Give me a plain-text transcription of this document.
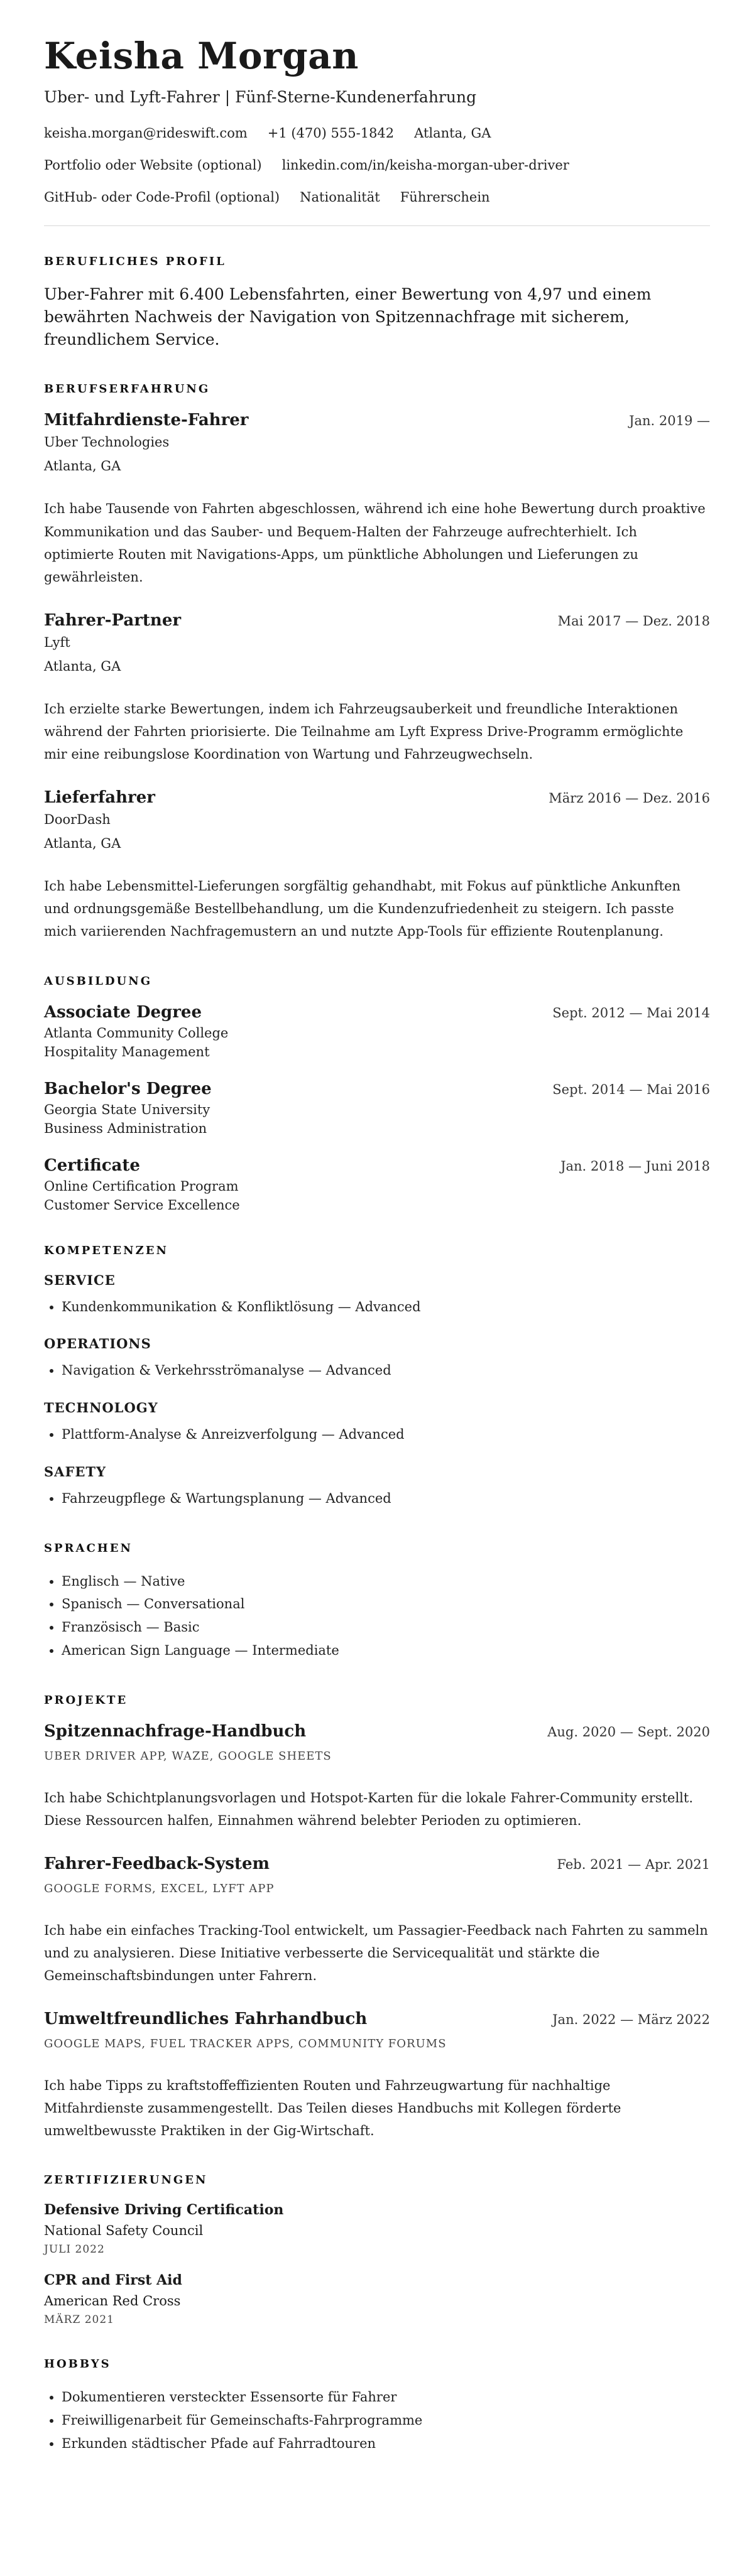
Keisha Morgan
Uber- und Lyft-Fahrer | Fünf-Sterne-Kundenerfahrung
keisha.morgan@rideswift.com +1 (470) 555-1842 Atlanta, GA
Portfolio oder Website (optional) linkedin.com/in/keisha-morgan-uber-driver
GitHub- oder Code-Profil (optional) Nationalität Führerschein
BERUFLICHES PROFIL

Uber-Fahrer mit 6.400 Lebensfahrten, einer Bewertung von 4,97 und einem bewährten Nachweis der Navigation von Spitzennachfrage mit sicherem, freundlichem Service.

BERUFSERFAHRUNG
Mitfahrdienste-Fahrer	Jan. 2019 —

Uber Technologies

Atlanta, GA

Ich habe Tausende von Fahrten abgeschlossen, während ich eine hohe Bewertung durch proaktive Kommunikation und das Sauber- und Bequem-Halten der Fahrzeuge aufrechterhielt. Ich optimierte Routen mit Navigations-Apps, um pünktliche Abholungen und Lieferungen zu gewährleisten.

Fahrer-Partner	Mai 2017 — Dez. 2018

Lyft

Atlanta, GA

Ich erzielte starke Bewertungen, indem ich Fahrzeugsauberkeit und freundliche Interaktionen während der Fahrten priorisierte. Die Teilnahme am Lyft Express Drive-Programm ermöglichte mir eine reibungslose Koordination von Wartung und Fahrzeugwechseln.

Lieferfahrer	März 2016 — Dez. 2016

DoorDash

Atlanta, GA

Ich habe Lebensmittel-Lieferungen sorgfältig gehandhabt, mit Fokus auf pünktliche Ankunften und ordnungsgemäße Bestellbehandlung, um die Kundenzufriedenheit zu steigern. Ich passte mich variierenden Nachfragemustern an und nutzte App-Tools für effiziente Routenplanung.

AUSBILDUNG
Associate Degree	Sept. 2012 — Mai 2014

Atlanta Community College

Hospitality Management

Bachelor's Degree	Sept. 2014 — Mai 2016

Georgia State University

Business Administration

Certificate	Jan. 2018 — Juni 2018

Online Certification Program

Customer Service Excellence

KOMPETENZEN
SERVICE
• Kundenkommunikation & Konfliktlösung — Advanced
OPERATIONS
• Navigation & Verkehrsströmanalyse — Advanced
TECHNOLOGY
• Plattform-Analyse & Anreizverfolgung — Advanced
SAFETY
• Fahrzeugpflege & Wartungsplanung — Advanced
SPRACHEN
• Englisch — Native
• Spanisch — Conversational
• Französisch — Basic
• American Sign Language — Intermediate
PROJEKTE
Spitzennachfrage-Handbuch	Aug. 2020 — Sept. 2020

UBER DRIVER APP, WAZE, GOOGLE SHEETS

Ich habe Schichtplanungsvorlagen und Hotspot-Karten für die lokale Fahrer-Community erstellt. Diese Ressourcen halfen, Einnahmen während belebter Perioden zu optimieren.

Fahrer-Feedback-System	Feb. 2021 — Apr. 2021

GOOGLE FORMS, EXCEL, LYFT APP

Ich habe ein einfaches Tracking-Tool entwickelt, um Passagier-Feedback nach Fahrten zu sammeln und zu analysieren. Diese Initiative verbesserte die Servicequalität und stärkte die Gemeinschaftsbindungen unter Fahrern.

Umweltfreundliches Fahrhandbuch	Jan. 2022 — März 2022

GOOGLE MAPS, FUEL TRACKER APPS, COMMUNITY FORUMS

Ich habe Tipps zu kraftstoffeffizienten Routen und Fahrzeugwartung für nachhaltige Mitfahrdienste zusammengestellt. Das Teilen dieses Handbuchs mit Kollegen förderte umweltbewusste Praktiken in der Gig-Wirtschaft.

ZERTIFIZIERUNGEN

Defensive Driving Certification

National Safety Council

JULI 2022

CPR and First Aid

American Red Cross

MÄRZ 2021

HOBBYS
• Dokumentieren versteckter Essensorte für Fahrer
• Freiwilligenarbeit für Gemeinschafts-Fahrprogramme
• Erkunden städtischer Pfade auf Fahrradtouren
